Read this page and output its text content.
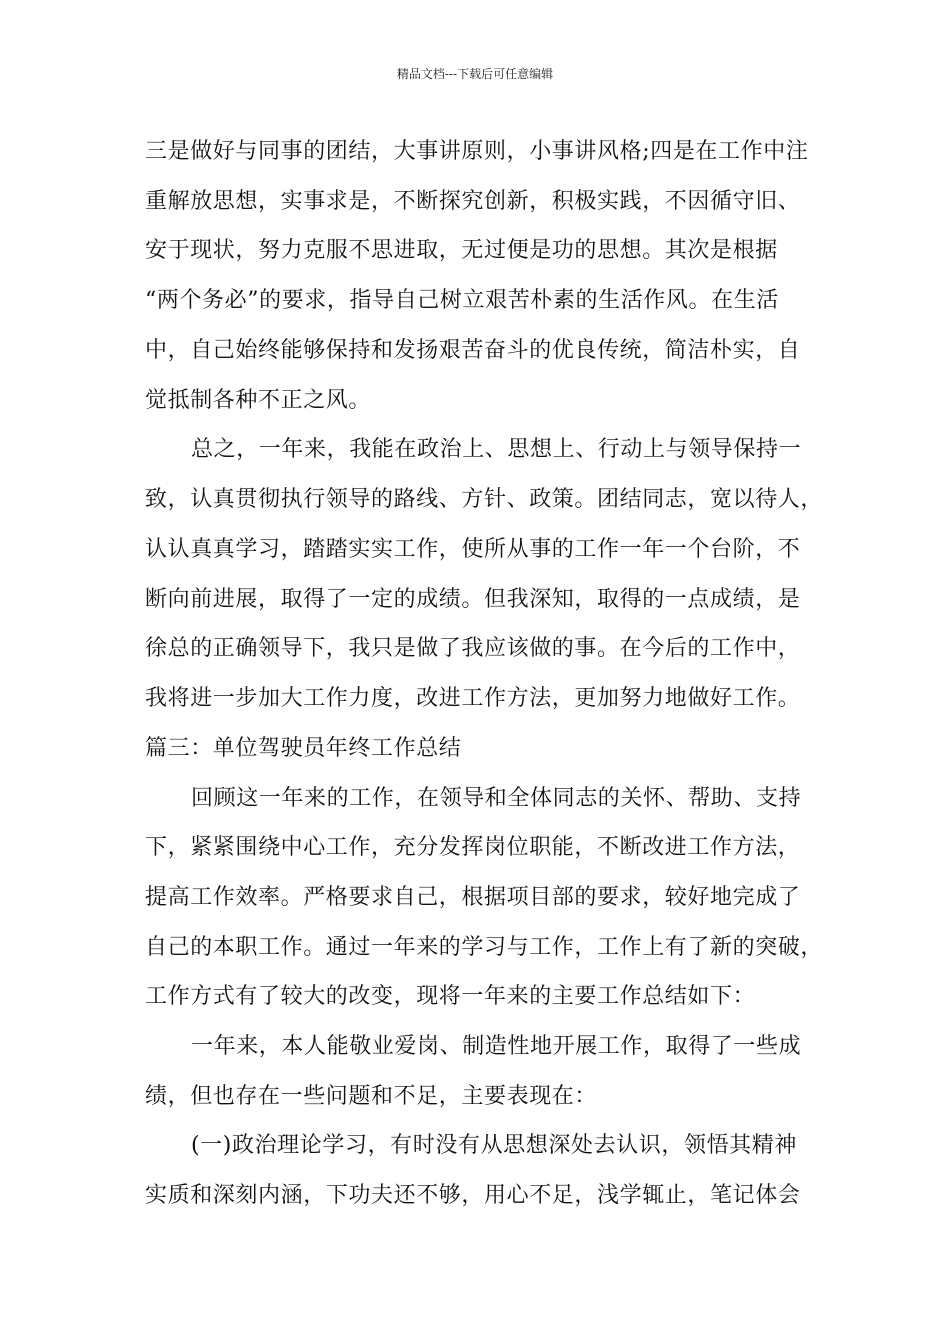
精品文档---下载后可任意编辑
三是做好与同事的团结，大事讲原则，小事讲风格;四是在工作中注
重解放思想，实事求是，不断探究创新，积极实践，不因循守旧、
安于现状，努力克服不思进取，无过便是功的思想。其次是根据
“两个务必”的要求，指导自己树立艰苦朴素的生活作风。在生活
中，自己始终能够保持和发扬艰苦奋斗的优良传统，简洁朴实，自
觉抵制各种不正之风。
总之，一年来，我能在政治上、思想上、行动上与领导保持一
致，认真贯彻执行领导的路线、方针、政策。团结同志，宽以待人，
认认真真学习，踏踏实实工作，使所从事的工作一年一个台阶，不
断向前进展，取得了一定的成绩。但我深知，取得的一点成绩，是
徐总的正确领导下，我只是做了我应该做的事。在今后的工作中，
我将进一步加大工作力度，改进工作方法，更加努力地做好工作。
篇三：单位驾驶员年终工作总结
回顾这一年来的工作，在领导和全体同志的关怀、帮助、支持
下，紧紧围绕中心工作，充分发挥岗位职能，不断改进工作方法，
提高工作效率。严格要求自己，根据项目部的要求，较好地完成了
自己的本职工作。通过一年来的学习与工作，工作上有了新的突破，
工作方式有了较大的改变，现将一年来的主要工作总结如下：
一年来，本人能敬业爱岗、制造性地开展工作，取得了一些成
绩，但也存在一些问题和不足，主要表现在：
(一)政治理论学习，有时没有从思想深处去认识，领悟其精神
实质和深刻内涵，下功夫还不够，用心不足，浅学辄止，笔记体会
